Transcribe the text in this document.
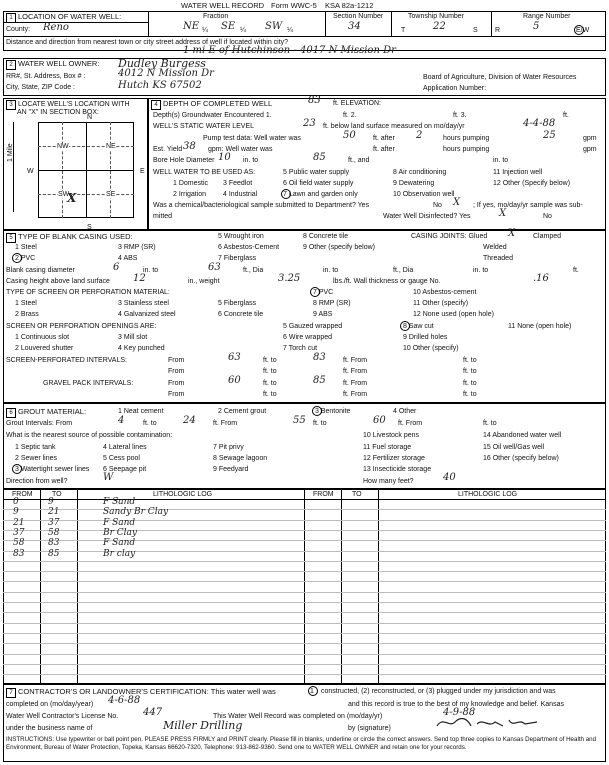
WATER WELL RECORD Form WWC-5 KSA 82a-1212
1 LOCATION OF WATER WELL:
County: Reno
Fraction
NE ¼ SE ¼ SW ¼
Section Number
34
Township Number
T	22	S
Range Number
R	5	E/W
Distance and direction from nearest town or city street address of well if located within city?
1 mi E of Hutchinson - 4017 N Mission Dr
2 WATER WELL OWNER: Dudley Burgess
RR#, St. Address, Box # :	4012 N Mission Dr
City, State, ZIP Code :	Hutch KS 67502
Board of Agriculture, Division of Water Resources
Application Number:
3 LOCATE WELL'S LOCATION WITH
AN "X" IN SECTION BOX:
N
S
W	E
1 Mile	NW	NE
SW	SE
X
4 DEPTH OF COMPLETED WELL	83 ft. ELEVATION:
Depth(s) Groundwater Encountered 1.	ft. 2.	ft. 3.	ft.
WELL'S STATIC WATER LEVEL	23 ft. below land surface measured on mo/day/yr	4-4-88
Pump test data: Well water was	50 ft. after 2	hours pumping	25	gpm
Est. Yield 38 gpm: Well water was	ft. after	hours pumping	gpm
Bore Hole Diameter 10 in. to	85	ft., and	in. to
WELL WATER TO BE USED AS:	5 Public water supply	8 Air conditioning	11 Injection well
1 Domestic 3 Feedlot	6 Oil field water supply	9 Dewatering	12 Other (Specify below)
2 Irrigation 4 Industrial	7 Lawn and garden only	10 Observation well
Was a chemical/bacteriological sample submitted to Department? Yes	X
No	; If yes, mo/day/yr sample was sub-
mitted	Water Well Disinfected? Yes	X	No
5 TYPE OF BLANK CASING USED:	5 Wrought iron	8 Concrete tile	CASING JOINTS: Glued X	Clamped
1 Steel	3 RMP (SR)	6 Asbestos-Cement	9 Other (specify below)	Welded
2 PVC	4 ABS	7 Fiberglass	Threaded
Blank casing diameter	6	in. to	63	ft., Dia	in. to	ft., Dia	in. to	ft.
Casing height above land surface 12	in., weight	3.25	lbs./ft. Wall thickness or gauge No.	.16
TYPE OF SCREEN OR PERFORATION MATERIAL:	7 PVC	10 Asbestos-cement
1 Steel	3 Stainless steel	5 Fiberglass	8 RMP (SR)	11 Other (specify)
2 Brass	4 Galvanized steel	6 Concrete tile	9 ABS	12 None used (open hole)
SCREEN OR PERFORATION OPENINGS ARE:	5 Gauzed wrapped	8 Saw cut	11 None (open hole)
1 Continuous slot	3 Mill slot	6 Wire wrapped	9 Drilled holes
2 Louvered shutter	4 Key punched	7 Torch cut	10 Other (specify)
SCREEN-PERFORATED INTERVALS:	From	63	ft. to	83 ft. From	ft. to
From	ft. to	ft. From	ft. to
GRAVEL PACK INTERVALS:	From	60	ft. to	85 ft. From	ft. to
From	ft. to	ft. From	ft. to
6 GROUT MATERIAL:	1 Neat cement	2 Cement grout	3 Bentonite	4 Other
Grout Intervals: From	4	ft. to	24 ft. From	55 ft. to	60 ft. From	ft. to
What is the nearest source of possible contamination:	10 Livestock pens	14 Abandoned water well
1 Septic tank	4 Lateral lines	7 Pit privy	11 Fuel storage	15 Oil well/Gas well
2 Sewer lines	5 Cess pool	8 Sewage lagoon	12 Fertilizer storage	16 Other (specify below)
3 Watertight sewer lines 6 Seepage pit	9 Feedyard	13 Insecticide storage
Direction from well?	W	How many feet?	40
FROM	TO	LITHOLOGIC LOG	FROM	TO	LITHOLOGIC LOG
7 CONTRACTOR'S OR LANDOWNER'S CERTIFICATION: This water well was	1 constructed, (2) reconstructed, or (3) plugged under my jurisdiction and was
completed on (mo/day/year) 4-6-88	and this record is true to the best of my knowledge and belief. Kansas
Water Well Contractor's License No. 447	This Water Well Record was completed on (mo/day/yr)	4-9-88
under the business name of	Miller Drilling	by (signature)
INSTRUCTIONS: Use typewriter or ball point pen. PLEASE PRESS FIRMLY and PRINT clearly. Please fill in blanks, underline or circle the correct answers. Send top three copies to Kansas Department of Health and Environment, Bureau of Water Protection, Topeka, Kansas 66620-7320, Telephone: 913-862-9360. Send one to WATER WELL OWNER and retain one for your records.
0	9	F Sand
9	21	Sandy Br Clay
21	37	F Sand
37	58	Br Clay
58	83	F Sand
83	85	Br clay
